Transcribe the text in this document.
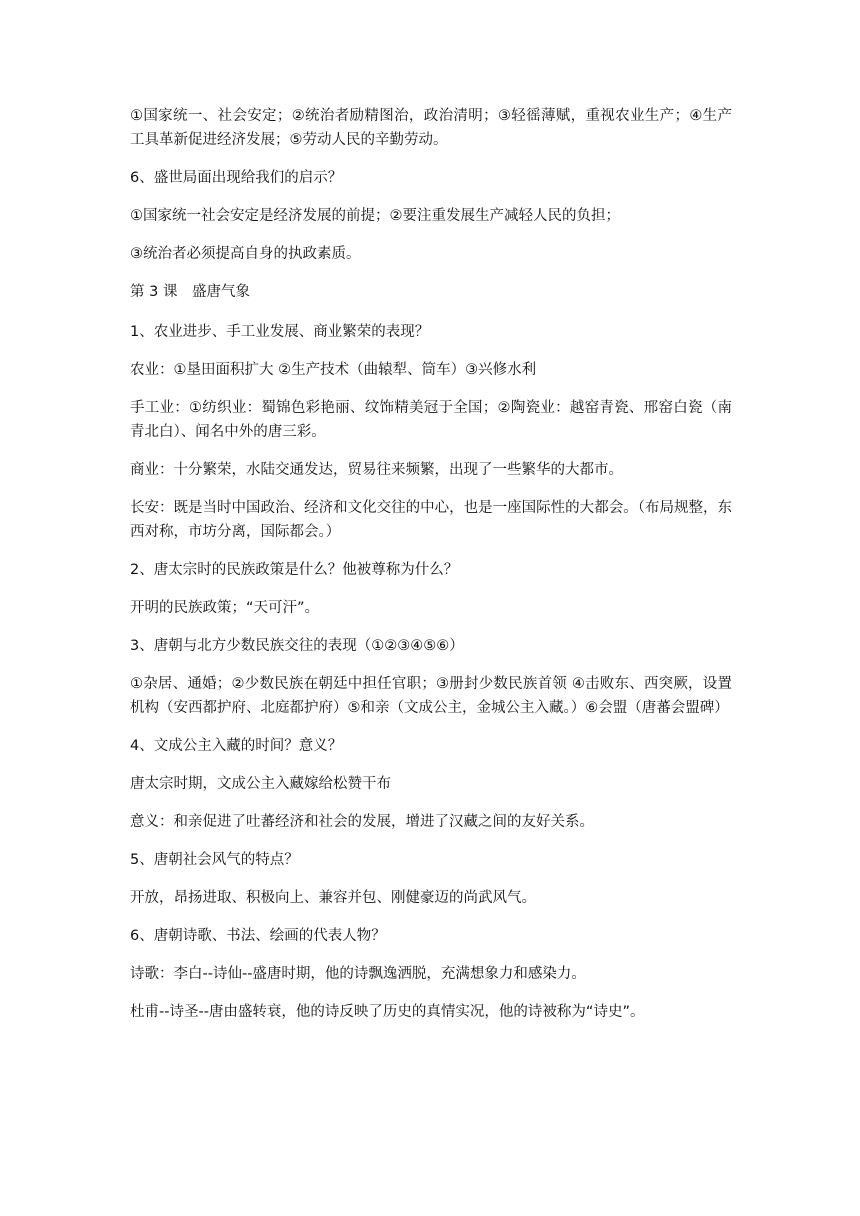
①国家统一、社会安定；②统治者励精图治，政治清明；③轻徭薄赋，重视农业生产；④生产工具革新促进经济发展；⑤劳动人民的辛勤劳动。

6、盛世局面出现给我们的启示？

①国家统一社会安定是经济发展的前提；②要注重发展生产减轻人民的负担；

③统治者必须提高自身的执政素质。

第 3 课　盛唐气象

1、农业进步、手工业发展、商业繁荣的表现？

农业：①垦田面积扩大 ②生产技术（曲辕犁、筒车）③兴修水利

手工业：①纺织业：蜀锦色彩艳丽、纹饰精美冠于全国；②陶瓷业：越窑青瓷、邢窑白瓷（南青北白）、闻名中外的唐三彩。

商业：十分繁荣，水陆交通发达，贸易往来频繁，出现了一些繁华的大都市。

长安：既是当时中国政治、经济和文化交往的中心，也是一座国际性的大都会。（布局规整，东西对称，市坊分离，国际都会。）

2、唐太宗时的民族政策是什么？他被尊称为什么？

开明的民族政策；“天可汗”。

3、唐朝与北方少数民族交往的表现（①②③④⑤⑥）

①杂居、通婚；②少数民族在朝廷中担任官职；③册封少数民族首领 ④击败东、西突厥，设置机构（安西都护府、北庭都护府）⑤和亲（文成公主，金城公主入藏。）⑥会盟（唐蕃会盟碑）

4、文成公主入藏的时间？意义？

唐太宗时期，文成公主入藏嫁给松赞干布

意义：和亲促进了吐蕃经济和社会的发展，增进了汉藏之间的友好关系。

5、唐朝社会风气的特点？

开放，昂扬进取、积极向上、兼容并包、刚健豪迈的尚武风气。

6、唐朝诗歌、书法、绘画的代表人物？

诗歌：李白--诗仙--盛唐时期，他的诗飘逸洒脱，充满想象力和感染力。

杜甫--诗圣--唐由盛转衰，他的诗反映了历史的真情实况，他的诗被称为“诗史”。
